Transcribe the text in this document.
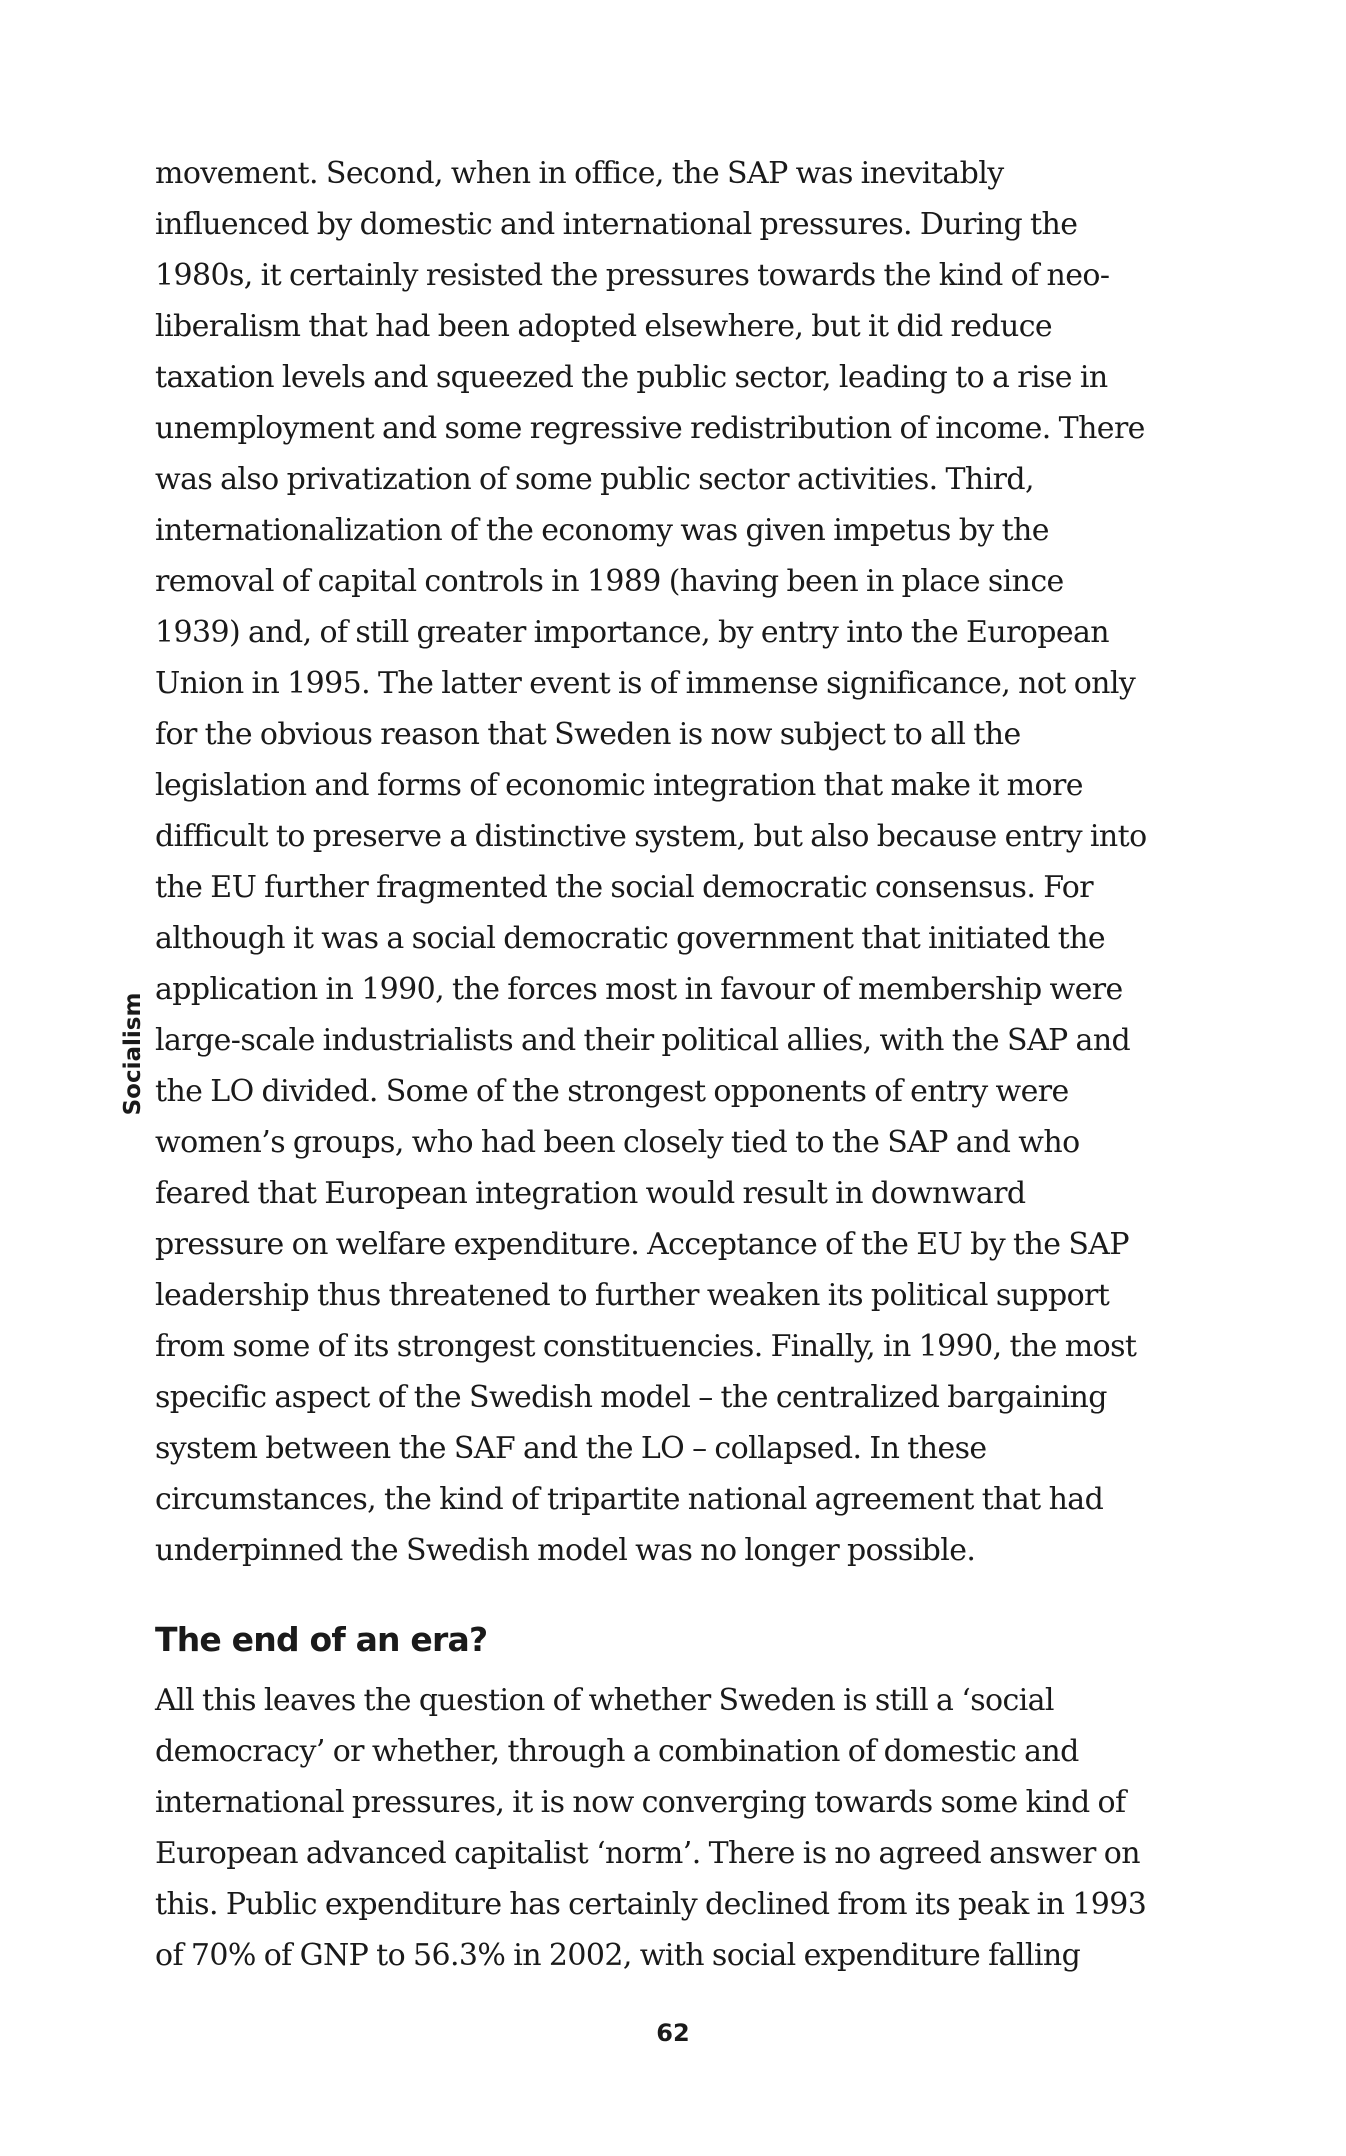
Socialism
movement. Second, when in office, the SAP was inevitably
influenced by domestic and international pressures. During the
1980s, it certainly resisted the pressures towards the kind of neo-
liberalism that had been adopted elsewhere, but it did reduce
taxation levels and squeezed the public sector, leading to a rise in
unemployment and some regressive redistribution of income. There
was also privatization of some public sector activities. Third,
internationalization of the economy was given impetus by the
removal of capital controls in 1989 (having been in place since
1939) and, of still greater importance, by entry into the European
Union in 1995. The latter event is of immense significance, not only
for the obvious reason that Sweden is now subject to all the
legislation and forms of economic integration that make it more
difficult to preserve a distinctive system, but also because entry into
the EU further fragmented the social democratic consensus. For
although it was a social democratic government that initiated the
application in 1990, the forces most in favour of membership were
large-scale industrialists and their political allies, with the SAP and
the LO divided. Some of the strongest opponents of entry were
women’s groups, who had been closely tied to the SAP and who
feared that European integration would result in downward
pressure on welfare expenditure. Acceptance of the EU by the SAP
leadership thus threatened to further weaken its political support
from some of its strongest constituencies. Finally, in 1990, the most
specific aspect of the Swedish model – the centralized bargaining
system between the SAF and the LO – collapsed. In these
circumstances, the kind of tripartite national agreement that had
underpinned the Swedish model was no longer possible.
The end of an era?
All this leaves the question of whether Sweden is still a ‘social
democracy’ or whether, through a combination of domestic and
international pressures, it is now converging towards some kind of
European advanced capitalist ‘norm’. There is no agreed answer on
this. Public expenditure has certainly declined from its peak in 1993
of 70% of GNP to 56.3% in 2002, with social expenditure falling
62
